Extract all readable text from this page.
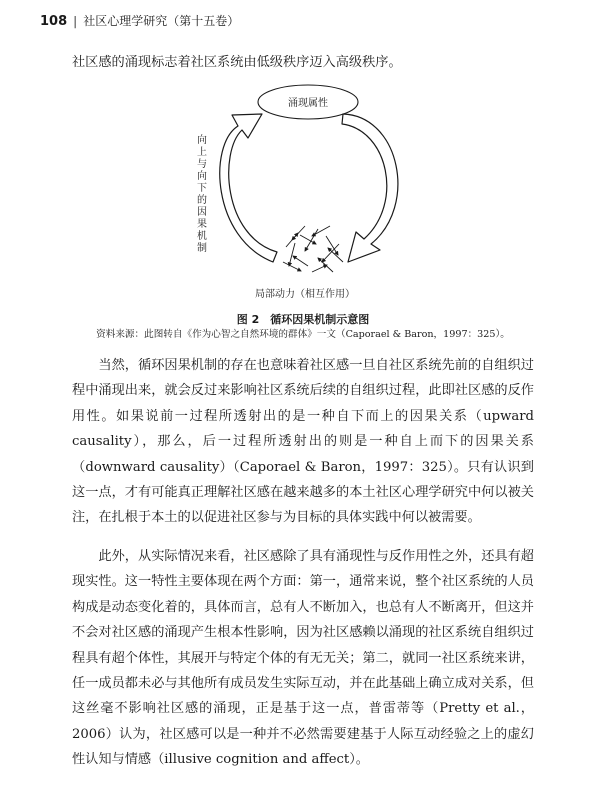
108 | 社区心理学研究（第十五卷）

社区感的涌现标志着社区系统由低级秩序迈入高级秩序。

涌现属性
向
上
与
向
下
的
因
果
机
制
局部动力（相互作用）
图 2　循环因果机制示意图
资料来源：此图转自《作为心智之自然环境的群体》一文（Caporael & Baron，1997：325）。

当然，循环因果机制的存在也意味着社区感一旦自社区系统先前的自组织过程中涌现出来，就会反过来影响社区系统后续的自组织过程，此即社区感的反作用性。如果说前一过程所透射出的是一种自下而上的因果关系（upward causality），那么，后一过程所透射出的则是一种自上而下的因果关系（downward causality）（Caporael & Baron，1997：325）。只有认识到这一点，才有可能真正理解社区感在越来越多的本土社区心理学研究中何以被关注，在扎根于本土的以促进社区参与为目标的具体实践中何以被需要。

此外，从实际情况来看，社区感除了具有涌现性与反作用性之外，还具有超现实性。这一特性主要体现在两个方面：第一，通常来说，整个社区系统的人员构成是动态变化着的，具体而言，总有人不断加入，也总有人不断离开，但这并不会对社区感的涌现产生根本性影响，因为社区感赖以涌现的社区系统自组织过程具有超个体性，其展开与特定个体的有无无关；第二，就同一社区系统来讲，任一成员都未必与其他所有成员发生实际互动，并在此基础上确立成对关系，但这丝毫不影响社区感的涌现，正是基于这一点，普雷蒂等（Pretty et al.，2006）认为，社区感可以是一种并不必然需要建基于人际互动经验之上的虚幻性认知与情感（illusive cognition and affect）。
